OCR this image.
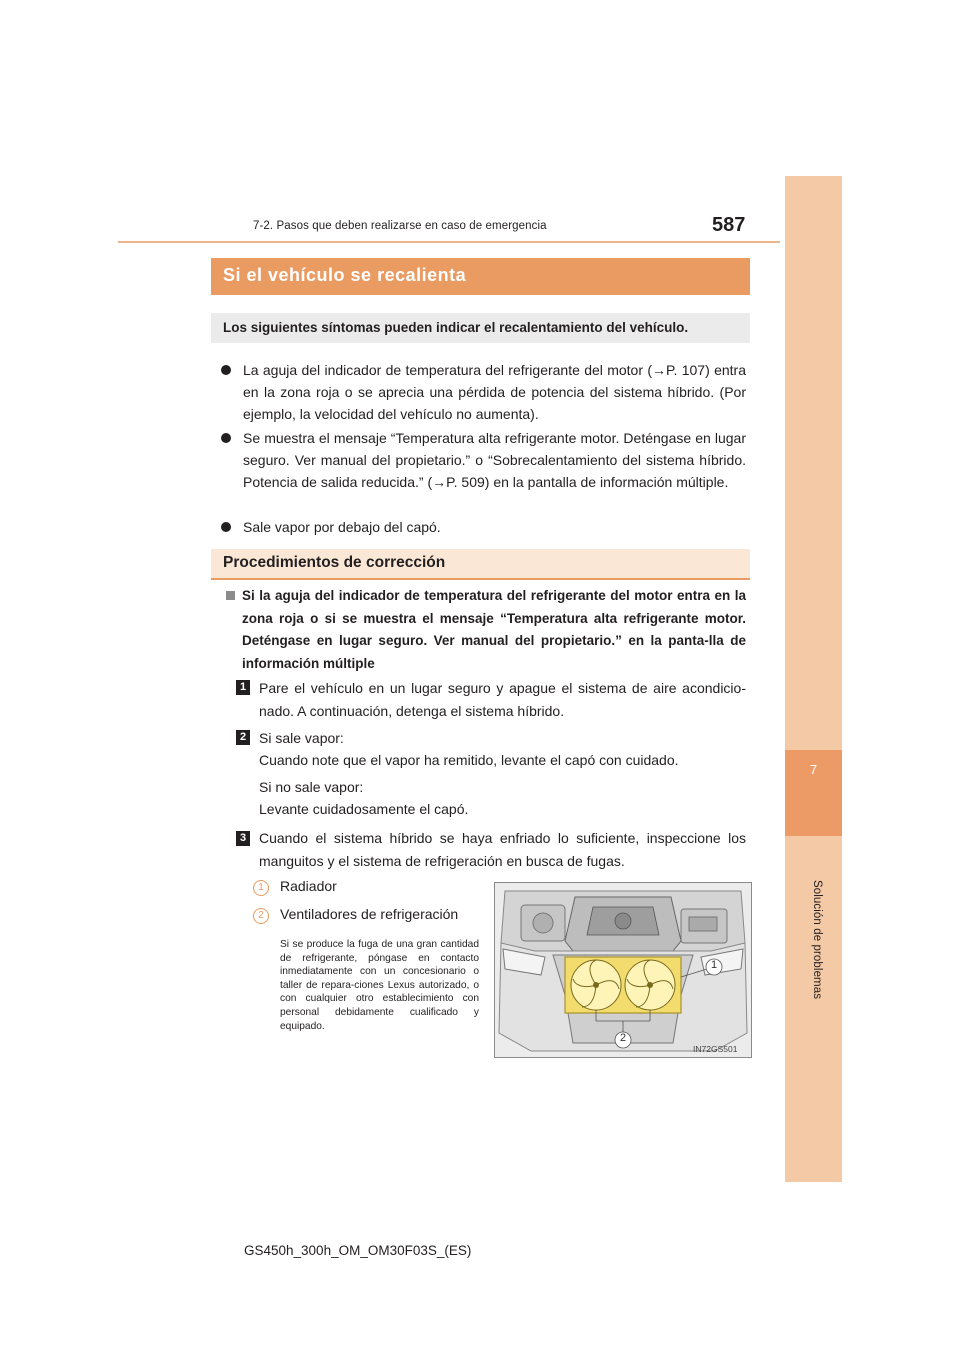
7
Solución de problemas
7-2. Pasos que deben realizarse en caso de emergencia	587
Si el vehículo se recalienta
Los siguientes síntomas pueden indicar el recalentamiento del vehículo.
La aguja del indicador de temperatura del refrigerante del motor (→P. 107) entra en la zona roja o se aprecia una pérdida de potencia del sistema híbrido. (Por ejemplo, la velocidad del vehículo no aumenta).
Se muestra el mensaje “Temperatura alta refrigerante motor. Deténgase en lugar seguro. Ver manual del propietario.” o “Sobrecalentamiento del sistema híbrido. Potencia de salida reducida.” (→P. 509) en la pantalla de información múltiple.
Sale vapor por debajo del capó.
Procedimientos de corrección
Si la aguja del indicador de temperatura del refrigerante del motor entra en la zona roja o si se muestra el mensaje “Temperatura alta refrigerante motor. Deténgase en lugar seguro. Ver manual del propietario.” en la panta-lla de información múltiple
1 Pare el vehículo en un lugar seguro y apague el sistema de aire acondicio-nado. A continuación, detenga el sistema híbrido.
2 Si sale vapor:
Cuando note que el vapor ha remitido, levante el capó con cuidado.
Si no sale vapor:
Levante cuidadosamente el capó.
3 Cuando el sistema híbrido se haya enfriado lo suficiente, inspeccione los manguitos y el sistema de refrigeración en busca de fugas.
1	Radiador
2	Ventiladores de refrigeración
Si se produce la fuga de una gran cantidad de refrigerante, póngase en contacto inmediatamente con un concesionario o taller de repara-ciones Lexus autorizado, o con cualquier otro establecimiento con personal debidamente cualificado y equipado.
1
2
IN72GS501
GS450h_300h_OM_OM30F03S_(ES)
